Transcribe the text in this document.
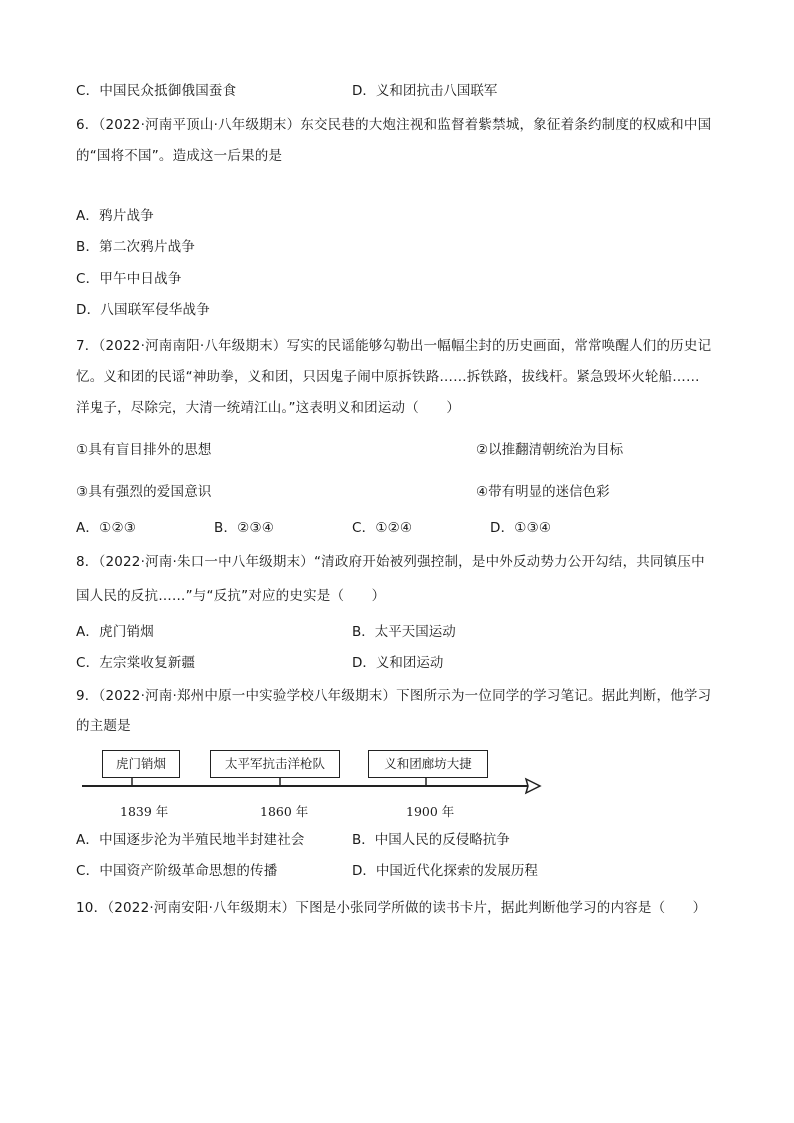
C．中国民众抵御俄国蚕食	D．义和团抗击八国联军
6．（2022·河南平顶山·八年级期末）东交民巷的大炮注视和监督着紫禁城，象征着条约制度的权威和中国
的“国将不国”。造成这一后果的是
A．鸦片战争
B．第二次鸦片战争
C．甲午中日战争
D．八国联军侵华战争
7．（2022·河南南阳·八年级期末）写实的民谣能够勾勒出一幅幅尘封的历史画面，常常唤醒人们的历史记
忆。义和团的民谣“神助拳，义和团，只因鬼子闹中原拆铁路……拆铁路，拔线杆。紧急毁坏火轮船……
洋鬼子，尽除完，大清一统靖江山。”这表明义和团运动（　　）
①具有盲目排外的思想	②以推翻清朝统治为目标
③具有强烈的爱国意识	④带有明显的迷信色彩
A．①②③	B．②③④	C．①②④	D．①③④
8．（2022·河南·朱口一中八年级期末）“清政府开始被列强控制，是中外反动势力公开勾结，共同镇压中
国人民的反抗……”与“反抗”对应的史实是（　　）
A．虎门销烟	B．太平天国运动
C．左宗棠收复新疆	D．义和团运动
9．（2022·河南·郑州中原一中实验学校八年级期末）下图所示为一位同学的学习笔记。据此判断，他学习
的主题是
虎门销烟	太平军抗击洋枪队	义和团廊坊大捷
1839 年	1860 年	1900 年
A．中国逐步沦为半殖民地半封建社会	B．中国人民的反侵略抗争
C．中国资产阶级革命思想的传播	D．中国近代化探索的发展历程
10．（2022·河南安阳·八年级期末）下图是小张同学所做的读书卡片，据此判断他学习的内容是（　　）
